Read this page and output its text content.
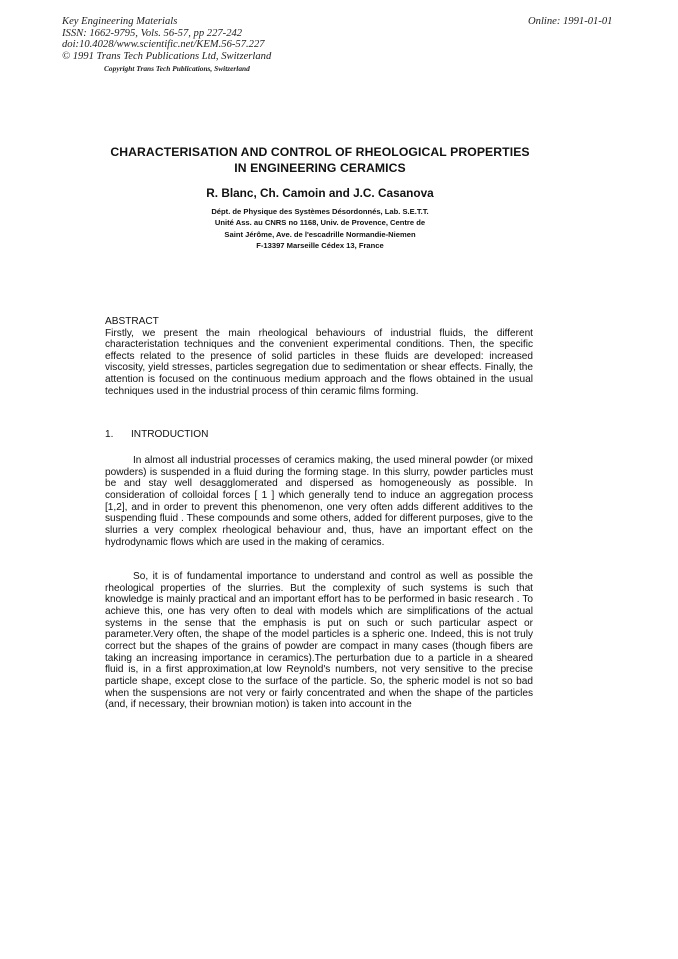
Key Engineering Materials
ISSN: 1662-9795, Vols. 56-57, pp 227-242
doi:10.4028/www.scientific.net/KEM.56-57.227
© 1991 Trans Tech Publications Ltd, Switzerland
Copyright Trans Tech Publications, Switzerland
Online: 1991-01-01
CHARACTERISATION AND CONTROL OF RHEOLOGICAL PROPERTIES
IN ENGINEERING CERAMICS
R. Blanc, Ch. Camoin and J.C. Casanova
Dépt. de Physique des Systèmes Désordonnés, Lab. S.E.T.T.
Unité Ass. au CNRS no 1168, Univ. de Provence, Centre de
Saint Jérôme, Ave. de l'escadrille Normandie-Niemen
F-13397 Marseille Cédex 13, France
ABSTRACT

Firstly, we present the main rheological behaviours of industrial fluids, the different characteristation techniques and the convenient experimental conditions. Then, the specific effects related to the presence of solid particles in these fluids are developed: increased viscosity, yield stresses, particles segregation due to sedimentation or shear effects. Finally, the attention is focused on the continuous medium approach and the flows obtained in the usual techniques used in the industrial process of thin ceramic films forming.

1. INTRODUCTION

In almost all industrial processes of ceramics making, the used mineral powder (or mixed powders) is suspended in a fluid during the forming stage. In this slurry, powder particles must be and stay well desagglomerated and dispersed as homogeneously as possible. In consideration of colloidal forces [ 1 ] which generally tend to induce an aggregation process [1,2], and in order to prevent this phenomenon, one very often adds different additives to the suspending fluid . These compounds and some others, added for different purposes, give to the slurries a very complex rheological behaviour and, thus, have an important effect on the hydrodynamic flows which are used in the making of ceramics.

So, it is of fundamental importance to understand and control as well as possible the rheological properties of the slurries. But the complexity of such systems is such that knowledge is mainly practical and an important effort has to be performed in basic research . To achieve this, one has very often to deal with models which are simplifications of the actual systems in the sense that the emphasis is put on such or such particular aspect or parameter.Very often, the shape of the model particles is a spheric one. Indeed, this is not truly correct but the shapes of the grains of powder are compact in many cases (though fibers are taking an increasing importance in ceramics).The perturbation due to a particle in a sheared fluid is, in a first approximation,at low Reynold's numbers, not very sensitive to the precise particle shape, except close to the surface of the particle. So, the spheric model is not so bad when the suspensions are not very or fairly concentrated and when the shape of the particles (and, if necessary, their brownian motion) is taken into account in the
